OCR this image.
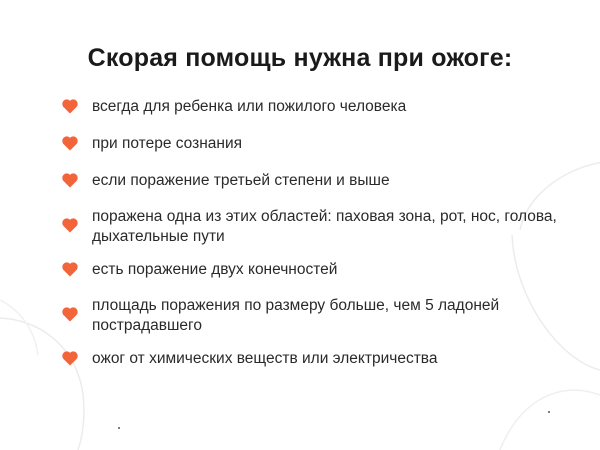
Скорая помощь нужна при ожоге:
всегда для ребенка или пожилого человека
при потере сознания
если поражение третьей степени и выше
поражена одна из этих областей: паховая зона, рот, нос, голова, дыхательные пути
есть поражение двух конечностей
площадь поражения по размеру больше, чем 5 ладоней пострадавшего
ожог от химических веществ или электричества
